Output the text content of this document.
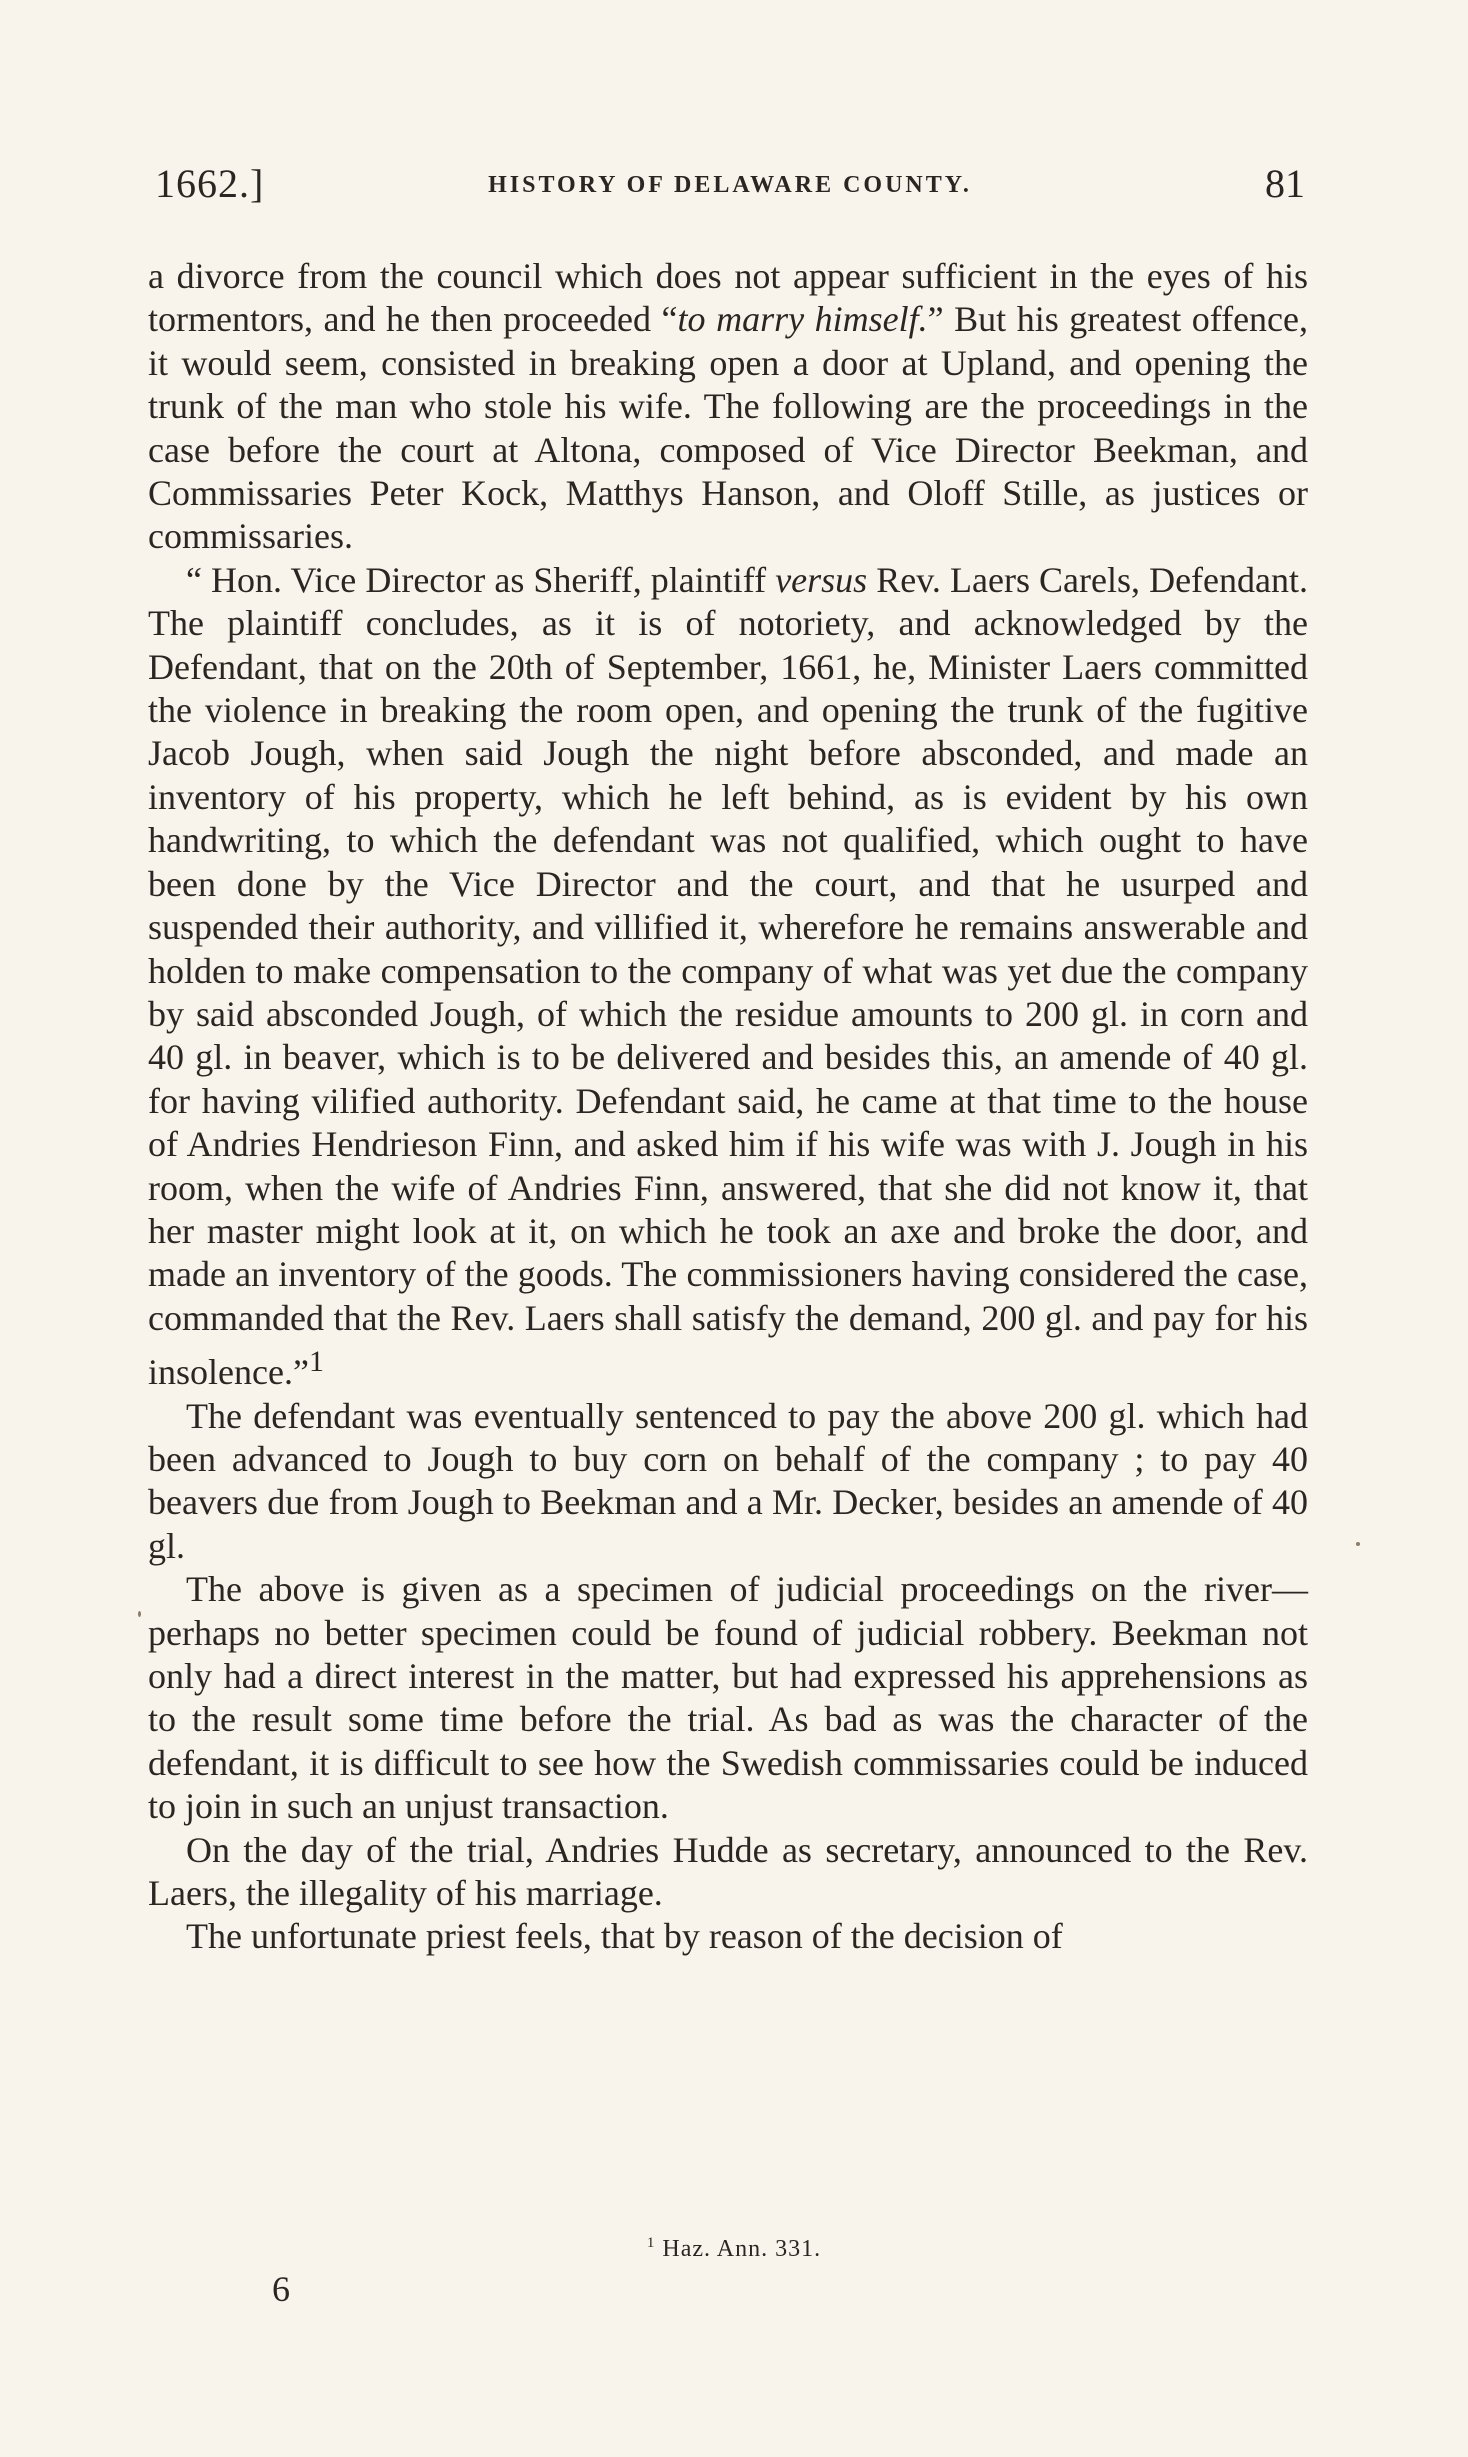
1662.]	HISTORY OF DELAWARE COUNTY.	81

a divorce from the council which does not appear sufficient in the eyes of his tormentors, and he then proceeded “to marry himself.” But his greatest offence, it would seem, consisted in breaking open a door at Upland, and opening the trunk of the man who stole his wife. The following are the proceedings in the case before the court at Altona, composed of Vice Director Beekman, and Commissaries Peter Kock, Matthys Hanson, and Oloff Stille, as justices or commissaries.

“ Hon. Vice Director as Sheriff, plaintiff versus Rev. Laers Carels, Defendant. The plaintiff concludes, as it is of notoriety, and acknowledged by the Defendant, that on the 20th of September, 1661, he, Minister Laers committed the violence in breaking the room open, and opening the trunk of the fugitive Jacob Jough, when said Jough the night before absconded, and made an inventory of his property, which he left behind, as is evident by his own handwriting, to which the defendant was not qualified, which ought to have been done by the Vice Director and the court, and that he usurped and suspended their authority, and villified it, wherefore he remains answerable and holden to make compensation to the company of what was yet due the company by said absconded Jough, of which the residue amounts to 200 gl. in corn and 40 gl. in beaver, which is to be delivered and besides this, an amende of 40 gl. for having vilified authority. Defendant said, he came at that time to the house of Andries Hendrieson Finn, and asked him if his wife was with J. Jough in his room, when the wife of Andries Finn, answered, that she did not know it, that her master might look at it, on which he took an axe and broke the door, and made an inventory of the goods. The commissioners having considered the case, commanded that the Rev. Laers shall satisfy the demand, 200 gl. and pay for his insolence.”$^1$

The defendant was eventually sentenced to pay the above 200 gl. which had been advanced to Jough to buy corn on behalf of the company ; to pay 40 beavers due from Jough to Beekman and a Mr. Decker, besides an amende of 40 gl.

The above is given as a specimen of judicial proceedings on the river—perhaps no better specimen could be found of judicial robbery. Beekman not only had a direct interest in the matter, but had expressed his apprehensions as to the result some time before the trial. As bad as was the character of the defendant, it is difficult to see how the Swedish commissaries could be induced to join in such an unjust transaction.

On the day of the trial, Andries Hudde as secretary, announced to the Rev. Laers, the illegality of his marriage.

The unfortunate priest feels, that by reason of the decision of

$^1$ Haz. Ann. 331.
6
